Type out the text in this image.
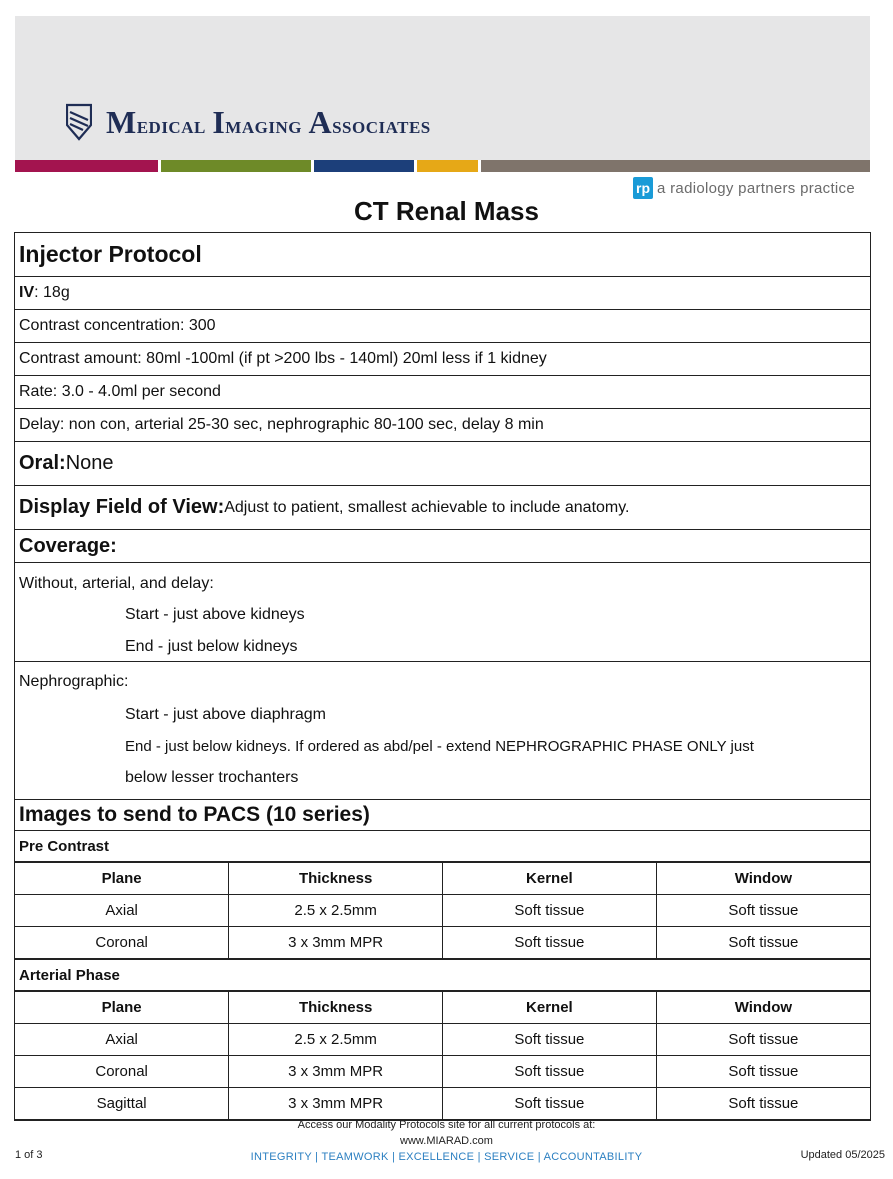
Medical Imaging Associates
rp a radiology partners practice
CT Renal Mass
Injector Protocol
IV : 18g
Contrast concentration: 300
Contrast amount: 80ml -100ml (if pt >200 lbs - 140ml) 20ml less if 1 kidney
Rate: 3.0 - 4.0ml per second
Delay: non con, arterial 25-30 sec, nephrographic 80-100 sec, delay 8 min
Oral: None
Display Field of View: Adjust to patient, smallest achievable to include anatomy.
Coverage:
Without, arterial, and delay:
Start - just above kidneys
End - just below kidneys
Nephrographic:
Start - just above diaphragm
End - just below kidneys. If ordered as abd/pel - extend NEPHROGRAPHIC PHASE ONLY just
below lesser trochanters
Images to send to PACS (10 series)
Pre Contrast
Plane	Thickness	Kernel	Window
Axial	2.5 x 2.5mm	Soft tissue	Soft tissue
Coronal	3 x 3mm MPR	Soft tissue	Soft tissue
Arterial Phase
Plane	Thickness	Kernel	Window
Axial	2.5 x 2.5mm	Soft tissue	Soft tissue
Coronal	3 x 3mm MPR	Soft tissue	Soft tissue
Sagittal	3 x 3mm MPR	Soft tissue	Soft tissue
Access our Modality Protocols site for all current protocols at:
www.MIARAD.com
INTEGRITY | TEAMWORK | EXCELLENCE | SERVICE | ACCOUNTABILITY
1 of 3	Updated 05/2025
